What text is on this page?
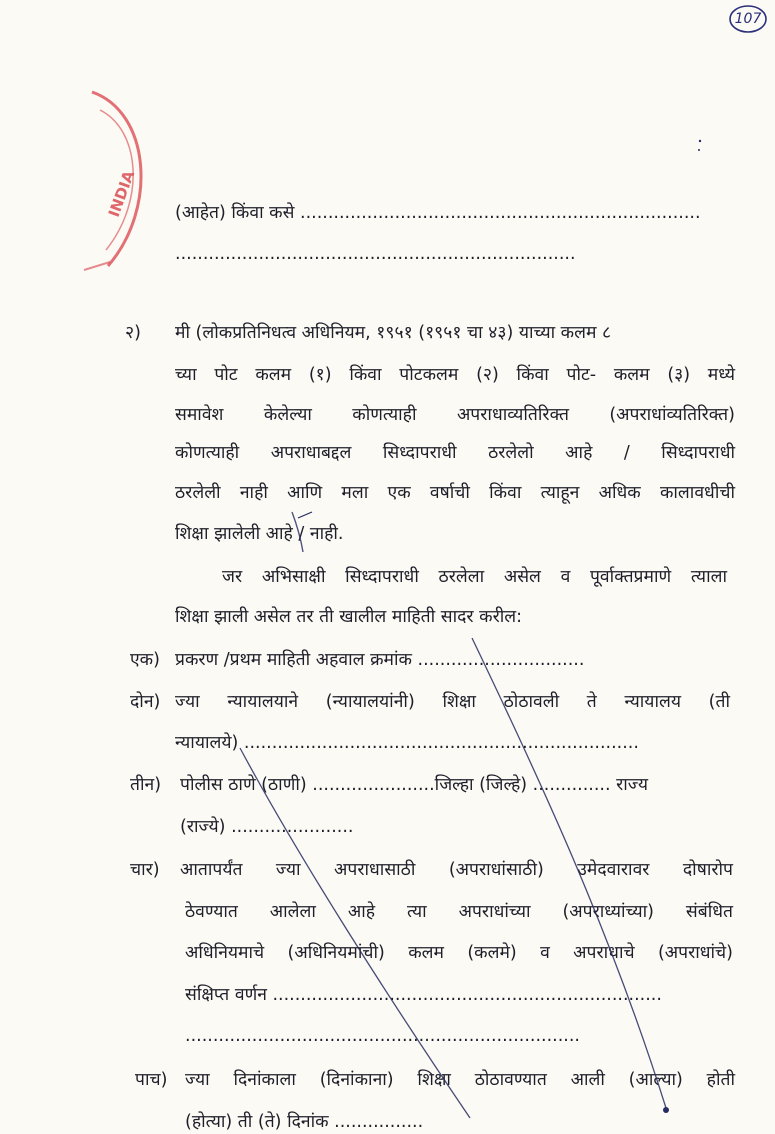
INDIA
107
(आहेत) किंवा कसे ........................................................................
........................................................................
२) मी (लोकप्रतिनिधत्व अधिनियम, १९५१ (१९५१ चा ४३) याच्या कलम ८
च्या पोट कलम (१) किंवा पोटकलम (२) किंवा पोट- कलम (३) मध्ये
समावेश केलेल्या कोणत्याही अपराधाव्यतिरिक्त (अपराधांव्यतिरिक्त)
कोणत्याही अपराधाबद्दल सिध्दापराधी ठरलेलो आहे / सिध्दापराधी
ठरलेली नाही आणि मला एक वर्षाची किंवा त्याहून अधिक कालावधीची
शिक्षा झालेली आहे / नाही.
जर अभिसाक्षी सिध्दापराधी ठरलेला असेल व पूर्वाक्तप्रमाणे त्याला
शिक्षा झाली असेल तर ती खालील माहिती सादर करील:
एक) प्रकरण /प्रथम माहिती अहवाल क्रमांक ..............................
दोन) ज्या न्यायालयाने (न्यायालयांनी) शिक्षा ठोठावली ते न्यायालय (ती
न्यायालये) .......................................................................
तीन) पोलीस ठाणे (ठाणी) ......................जिल्हा (जिल्हे) .............. राज्य
(राज्ये) ......................
चार) आतापर्यंत ज्या अपराधासाठी (अपराधांसाठी) उमेदवारावर दोषारोप
ठेवण्यात आलेला आहे त्या अपराधांच्या (अपराध्यांच्या) संबंधित
अधिनियमाचे (अधिनियमांची) कलम (कलमे) व अपराधाचे (अपराधांचे)
संक्षिप्त वर्णन ......................................................................
.......................................................................
पाच) ज्या दिनांकाला (दिनांकाना) शिक्षा ठोठावण्यात आली (आल्या) होती
(होत्या) ती (ते) दिनांक ................
